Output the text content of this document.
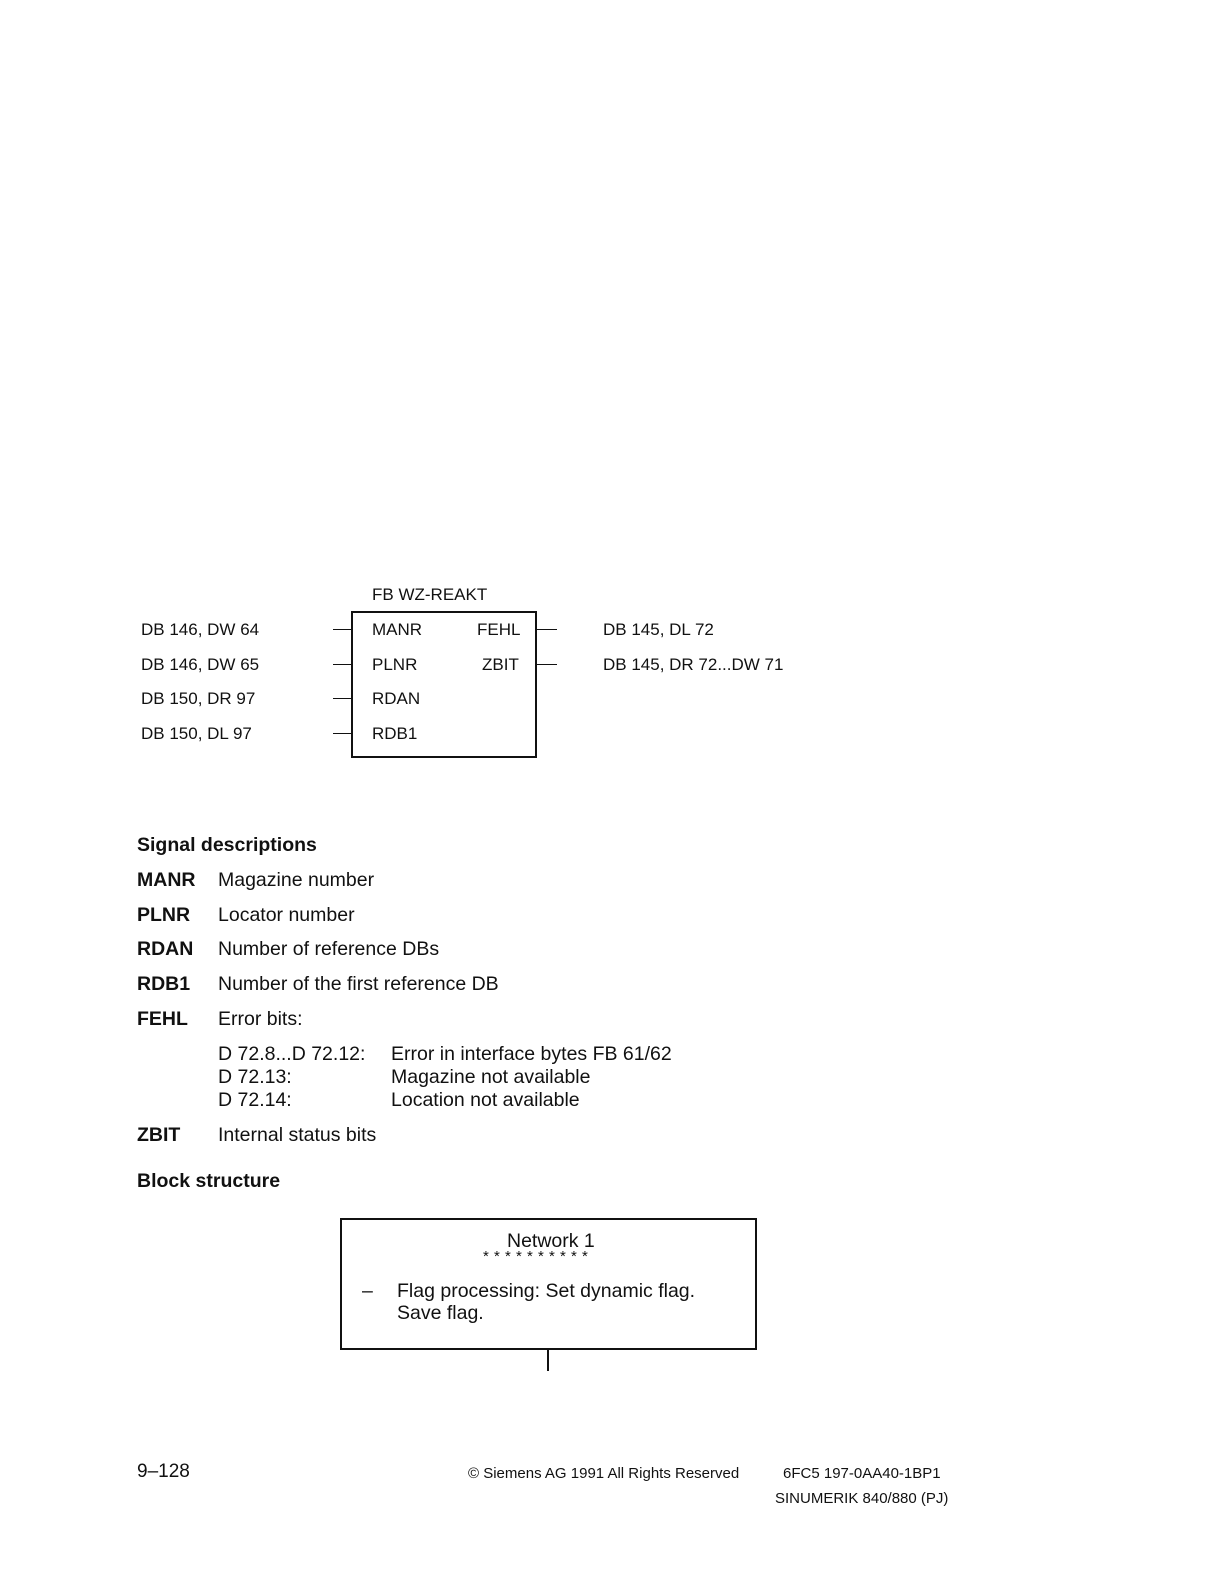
FB WZ-REAKT
DB 146, DW 64	MANR
DB 146, DW 65	PLNR
DB 150, DR 97	RDAN
DB 150, DL 97	RDB1
FEHL	DB 145, DL 72
ZBIT	DB 145, DR 72...DW 71
Signal descriptions
MANR Magazine number
PLNR Locator number
RDAN Number of reference DBs
RDB1 Number of the first reference DB
FEHL Error bits:
D 72.8...D 72.12: Error in interface bytes FB 61/62
D 72.13:	Magazine not available
D 72.14:	Location not available
ZBIT Internal status bits
Block structure
Network 1
* * * * * * * * * *
– Flag processing: Set dynamic flag.
Save flag.
9–128	© Siemens AG 1991 All Rights Reserved	6FC5 197-0AA40-1BP1
SINUMERIK 840/880 (PJ)
